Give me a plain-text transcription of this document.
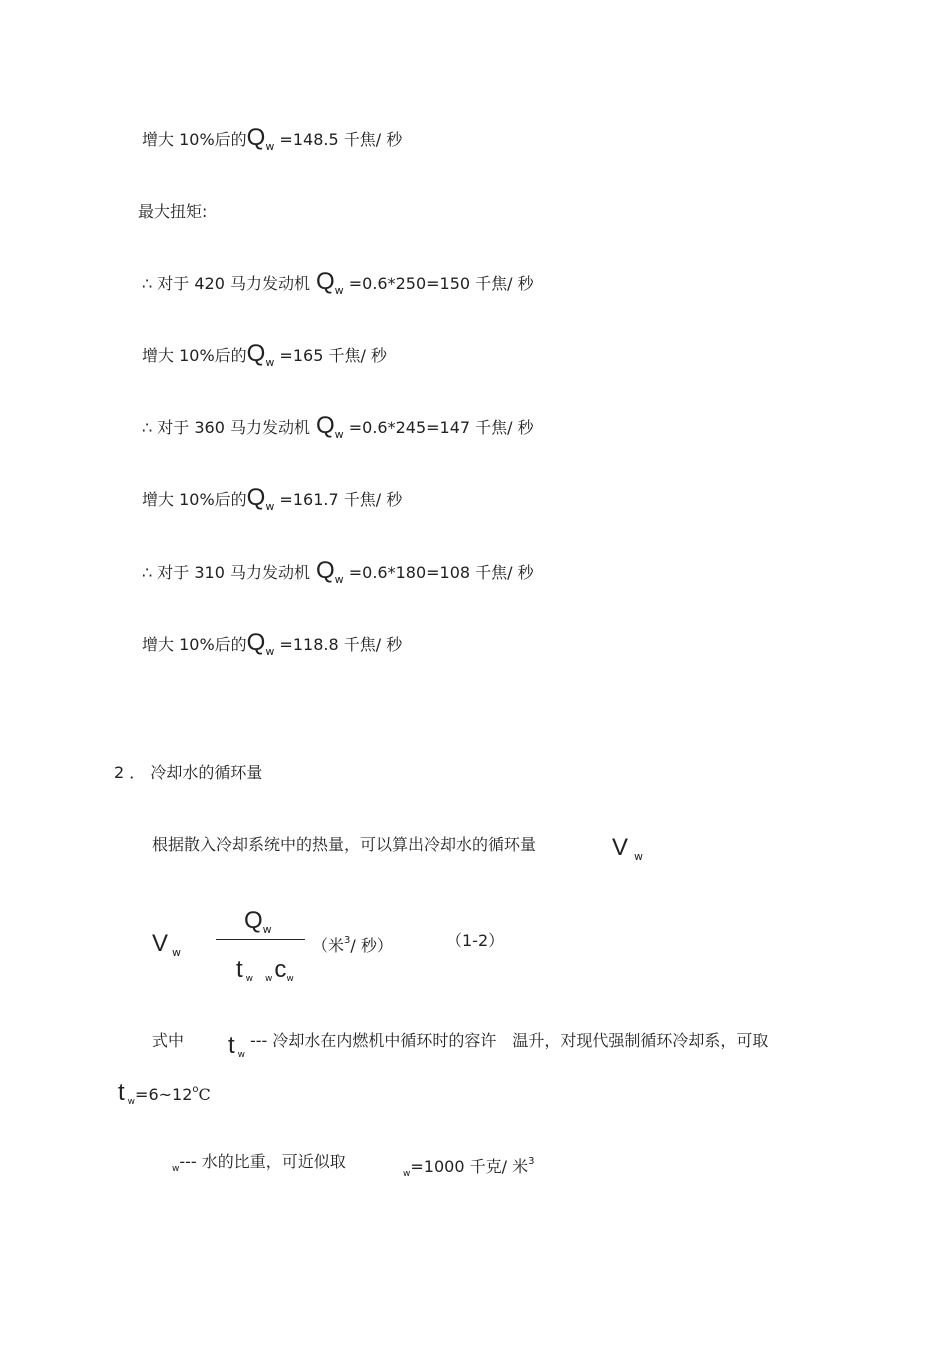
增大 10%后的$Q_w =148.5$ 千焦/ 秒
最大扭矩:
∴ 对于 420 马力发动机 $Q_w =0.6*250=150$ 千焦/ 秒
增大 10%后的$Q_w =165$ 千焦/ 秒
∴ 对于 360 马力发动机 $Q_w =0.6*245=147$ 千焦/ 秒
增大 10%后的$Q_w =161.7$ 千焦/ 秒
∴ 对于 310 马力发动机 $Q_w =0.6*180=108$ 千焦/ 秒
增大 10%后的$Q_w =118.8$ 千焦/ 秒
2 ． 冷却水的循环量
根据散入冷却系统中的热量，可以算出冷却水的循环量	V $_w$
V $_w$
$Q_w$
t $_w$ $_wc_w$
（米$^3$/ 秒）	（1-2）
式中 t $_w$
--- 冷却水在内燃机中循环时的容许　温升，对现代强制循环冷却系，可取
t $_w=6\sim 12^oC$
$_w$--- 水的比重，可近似取
$_w$=1000 千克/ 米$^3$
